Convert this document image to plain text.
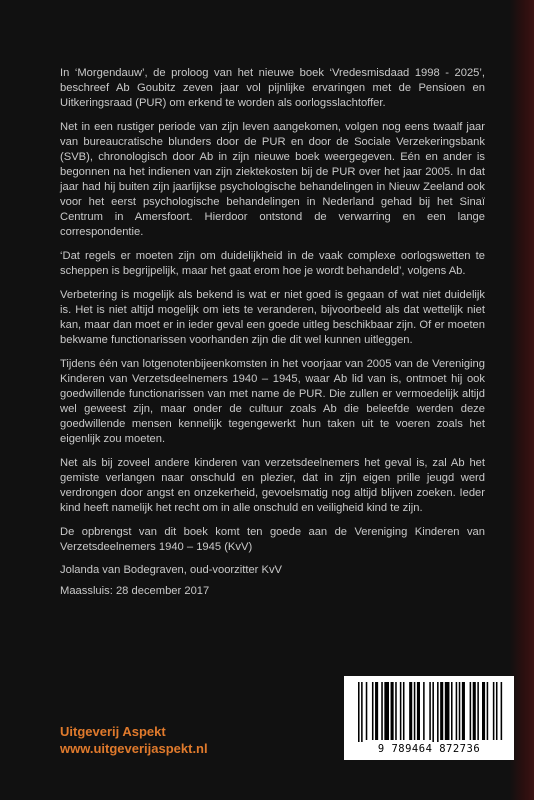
In ‘Morgendauw’, de proloog van het nieuwe boek ‘Vredesmisdaad 1998 - 2025’, beschreef Ab Goubitz zeven jaar vol pijnlijke ervaringen met de Pensioen en Uitkeringsraad (PUR) om erkend te worden als oorlogsslachtoffer.

Net in een rustiger periode van zijn leven aangekomen, volgen nog eens twaalf jaar van bureaucratische blunders door de PUR en door de Sociale Verzekeringsbank (SVB), chronologisch door Ab in zijn nieuwe boek weergegeven. Eén en ander is begonnen na het indienen van zijn ziektekosten bij de PUR over het jaar 2005. In dat jaar had hij buiten zijn jaarlijkse psychologische behandelingen in Nieuw Zeeland ook voor het eerst psychologische behandelingen in Nederland gehad bij het Sinaï Centrum in Amersfoort. Hierdoor ontstond de verwarring en een lange correspondentie.

‘Dat regels er moeten zijn om duidelijkheid in de vaak complexe oorlogswetten te scheppen is begrijpelijk, maar het gaat erom hoe je wordt behandeld’, volgens Ab.

Verbetering is mogelijk als bekend is wat er niet goed is gegaan of wat niet duidelijk is. Het is niet altijd mogelijk om iets te veranderen, bijvoorbeeld als dat wettelijk niet kan, maar dan moet er in ieder geval een goede uitleg beschikbaar zijn. Of er moeten bekwame functionarissen voorhanden zijn die dit wel kunnen uitleggen.

Tijdens één van lotgenotenbijeenkomsten in het voorjaar van 2005 van de Vereniging Kinderen van Verzetsdeelnemers 1940 – 1945, waar Ab lid van is, ontmoet hij ook goedwillende functionarissen van met name de PUR. Die zullen er vermoedelijk altijd wel geweest zijn, maar onder de cultuur zoals Ab die beleefde werden deze goedwillende mensen kennelijk tegengewerkt hun taken uit te voeren zoals het eigenlijk zou moeten.

Net als bij zoveel andere kinderen van verzetsdeelnemers het geval is, zal Ab het gemiste verlangen naar onschuld en plezier, dat in zijn eigen prille jeugd werd verdrongen door angst en onzekerheid, gevoelsmatig nog altijd blijven zoeken. Ieder kind heeft namelijk het recht om in alle onschuld en veiligheid kind te zijn.

De opbrengst van dit boek komt ten goede aan de Vereniging Kinderen van Verzetsdeelnemers 1940 – 1945 (KvV)

Jolanda van Bodegraven, oud-voorzitter KvV

Maassluis: 28 december 2017

Uitgeverij Aspekt
www.uitgeverijaspekt.nl	9 789464 872736
